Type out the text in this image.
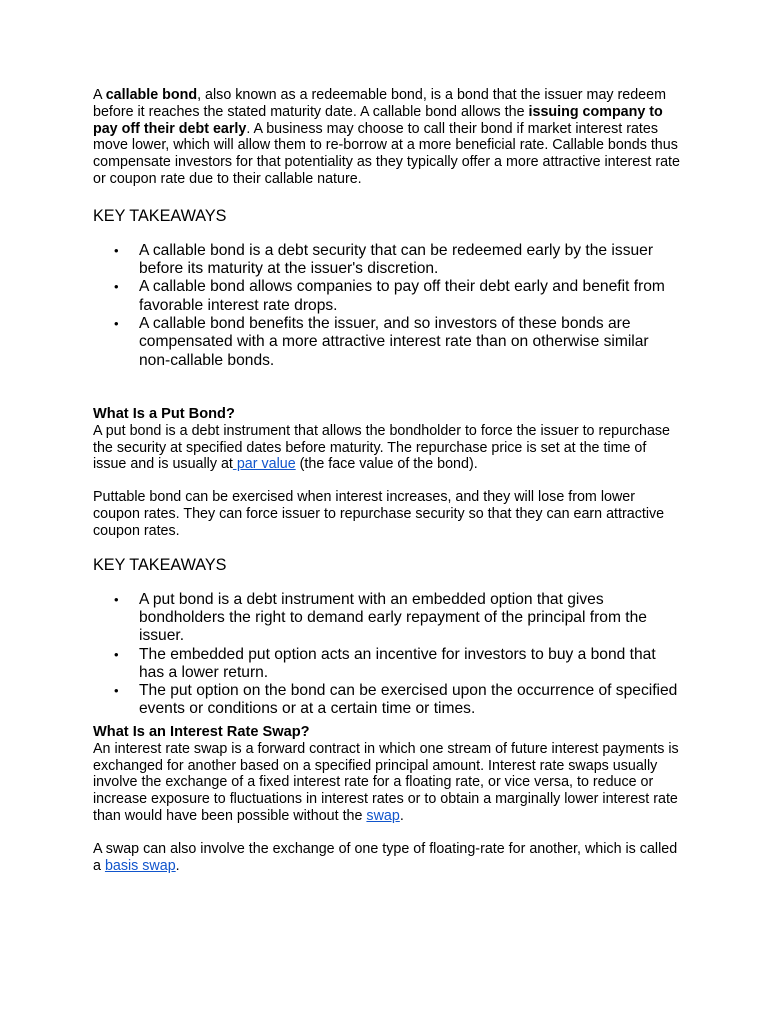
A callable bond, also known as a redeemable bond, is a bond that the issuer may redeem before it reaches the stated maturity date. A callable bond allows the issuing company to pay off their debt early. A business may choose to call their bond if market interest rates move lower, which will allow them to re-borrow at a more beneficial rate. Callable bonds thus compensate investors for that potentiality as they typically offer a more attractive interest rate or coupon rate due to their callable nature.

KEY TAKEAWAYS
• A callable bond is a debt security that can be redeemed early by the issuer before its maturity at the issuer's discretion.
• A callable bond allows companies to pay off their debt early and benefit from favorable interest rate drops.
• A callable bond benefits the issuer, and so investors of these bonds are compensated with a more attractive interest rate than on otherwise similar non-callable bonds.
What Is a Put Bond?

A put bond is a debt instrument that allows the bondholder to force the issuer to repurchase the security at specified dates before maturity. The repurchase price is set at the time of issue and is usually at par value (the face value of the bond).

Puttable bond can be exercised when interest increases, and they will lose from lower coupon rates. They can force issuer to repurchase security so that they can earn attractive coupon rates.

KEY TAKEAWAYS
• A put bond is a debt instrument with an embedded option that gives bondholders the right to demand early repayment of the principal from the issuer.
• The embedded put option acts an incentive for investors to buy a bond that has a lower return.
• The put option on the bond can be exercised upon the occurrence of specified events or conditions or at a certain time or times.
What Is an Interest Rate Swap?

An interest rate swap is a forward contract in which one stream of future interest payments is exchanged for another based on a specified principal amount. Interest rate swaps usually involve the exchange of a fixed interest rate for a floating rate, or vice versa, to reduce or increase exposure to fluctuations in interest rates or to obtain a marginally lower interest rate than would have been possible without the swap.

A swap can also involve the exchange of one type of floating-rate for another, which is called a basis swap.
